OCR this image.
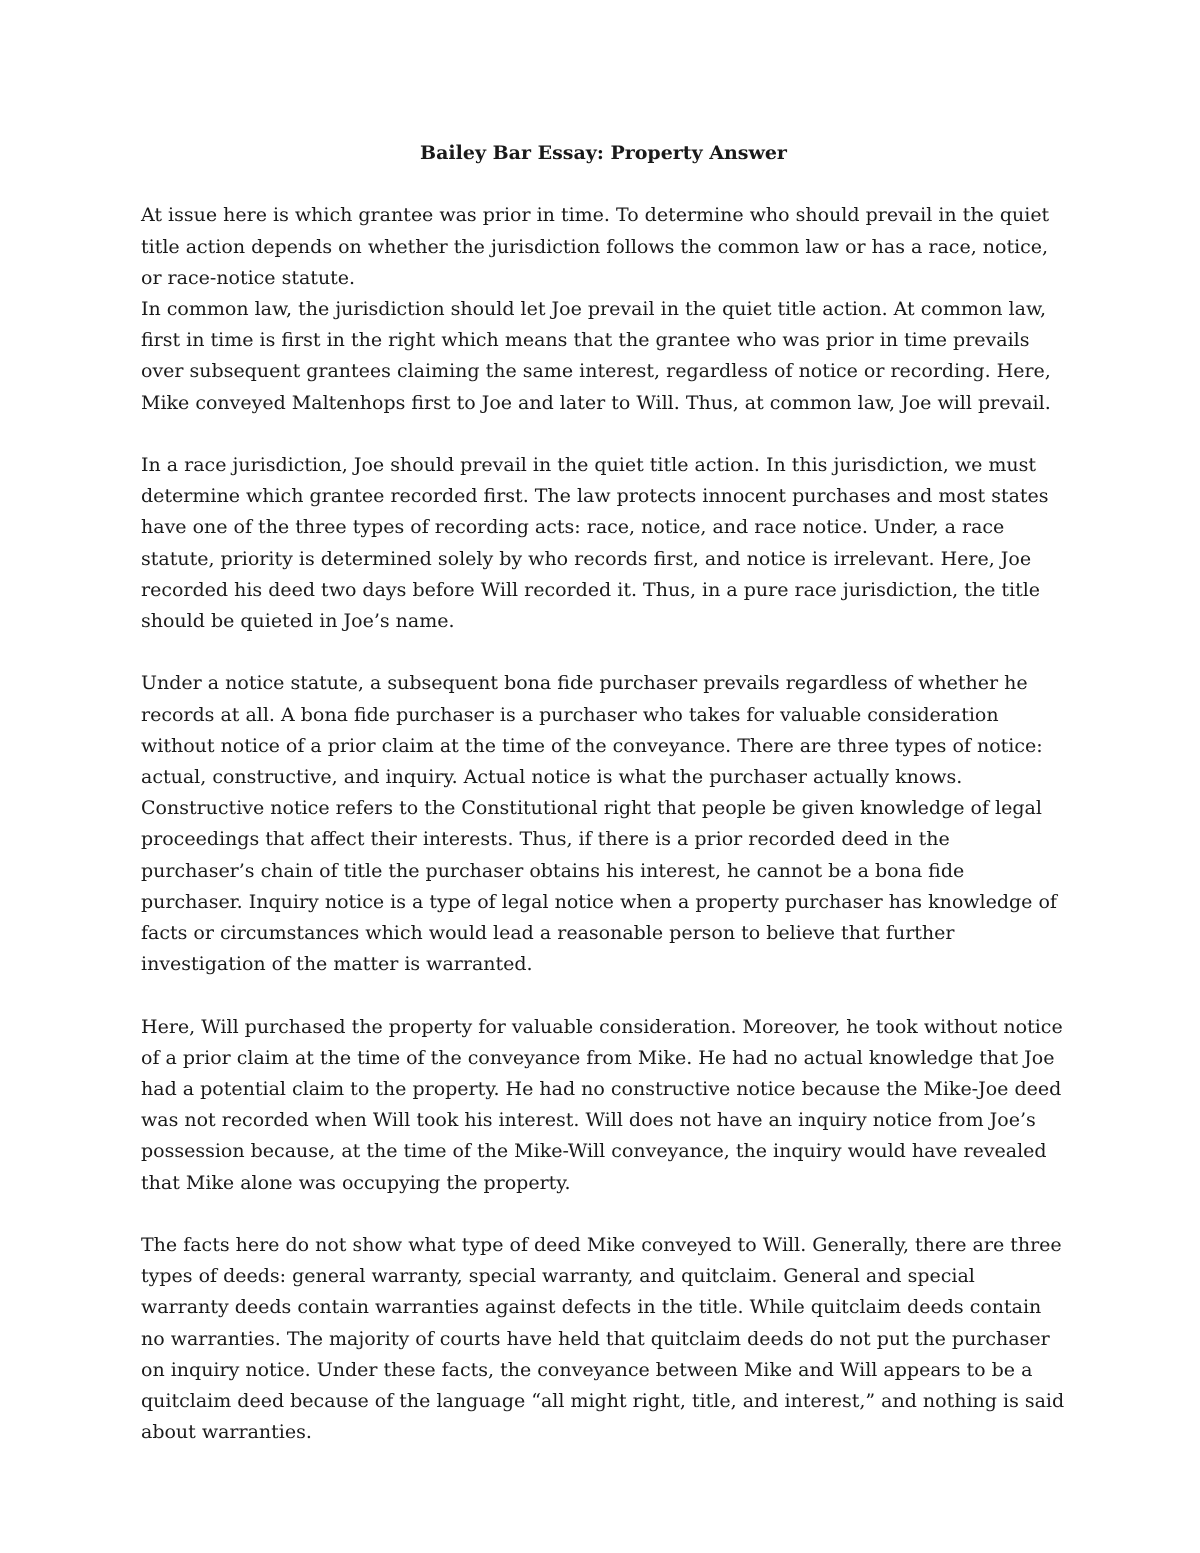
Bailey Bar Essay: Property Answer

At issue here is which grantee was prior in time. To determine who should prevail in the quiet title action depends on whether the jurisdiction follows the common law or has a race, notice, or race-notice statute.

In common law, the jurisdiction should let Joe prevail in the quiet title action. At common law, first in time is first in the right which means that the grantee who was prior in time prevails over subsequent grantees claiming the same interest, regardless of notice or recording. Here, Mike conveyed Maltenhops first to Joe and later to Will. Thus, at common law, Joe will prevail.

In a race jurisdiction, Joe should prevail in the quiet title action. In this jurisdiction, we must determine which grantee recorded first. The law protects innocent purchases and most states have one of the three types of recording acts: race, notice, and race notice. Under, a race statute, priority is determined solely by who records first, and notice is irrelevant. Here, Joe recorded his deed two days before Will recorded it. Thus, in a pure race jurisdiction, the title should be quieted in Joe’s name.

Under a notice statute, a subsequent bona fide purchaser prevails regardless of whether he records at all. A bona fide purchaser is a purchaser who takes for valuable consideration without notice of a prior claim at the time of the conveyance. There are three types of notice: actual, constructive, and inquiry. Actual notice is what the purchaser actually knows. Constructive notice refers to the Constitutional right that people be given knowledge of legal proceedings that affect their interests. Thus, if there is a prior recorded deed in the purchaser’s chain of title the purchaser obtains his interest, he cannot be a bona fide purchaser. Inquiry notice is a type of legal notice when a property purchaser has knowledge of facts or circumstances which would lead a reasonable person to believe that further investigation of the matter is warranted.

Here, Will purchased the property for valuable consideration. Moreover, he took without notice of a prior claim at the time of the conveyance from Mike. He had no actual knowledge that Joe had a potential claim to the property. He had no constructive notice because the Mike-Joe deed was not recorded when Will took his interest. Will does not have an inquiry notice from Joe’s possession because, at the time of the Mike-Will conveyance, the inquiry would have revealed that Mike alone was occupying the property.

The facts here do not show what type of deed Mike conveyed to Will. Generally, there are three types of deeds: general warranty, special warranty, and quitclaim. General and special warranty deeds contain warranties against defects in the title. While quitclaim deeds contain no warranties. The majority of courts have held that quitclaim deeds do not put the purchaser on inquiry notice. Under these facts, the conveyance between Mike and Will appears to be a quitclaim deed because of the language “all might right, title, and interest,” and nothing is said about warranties.
